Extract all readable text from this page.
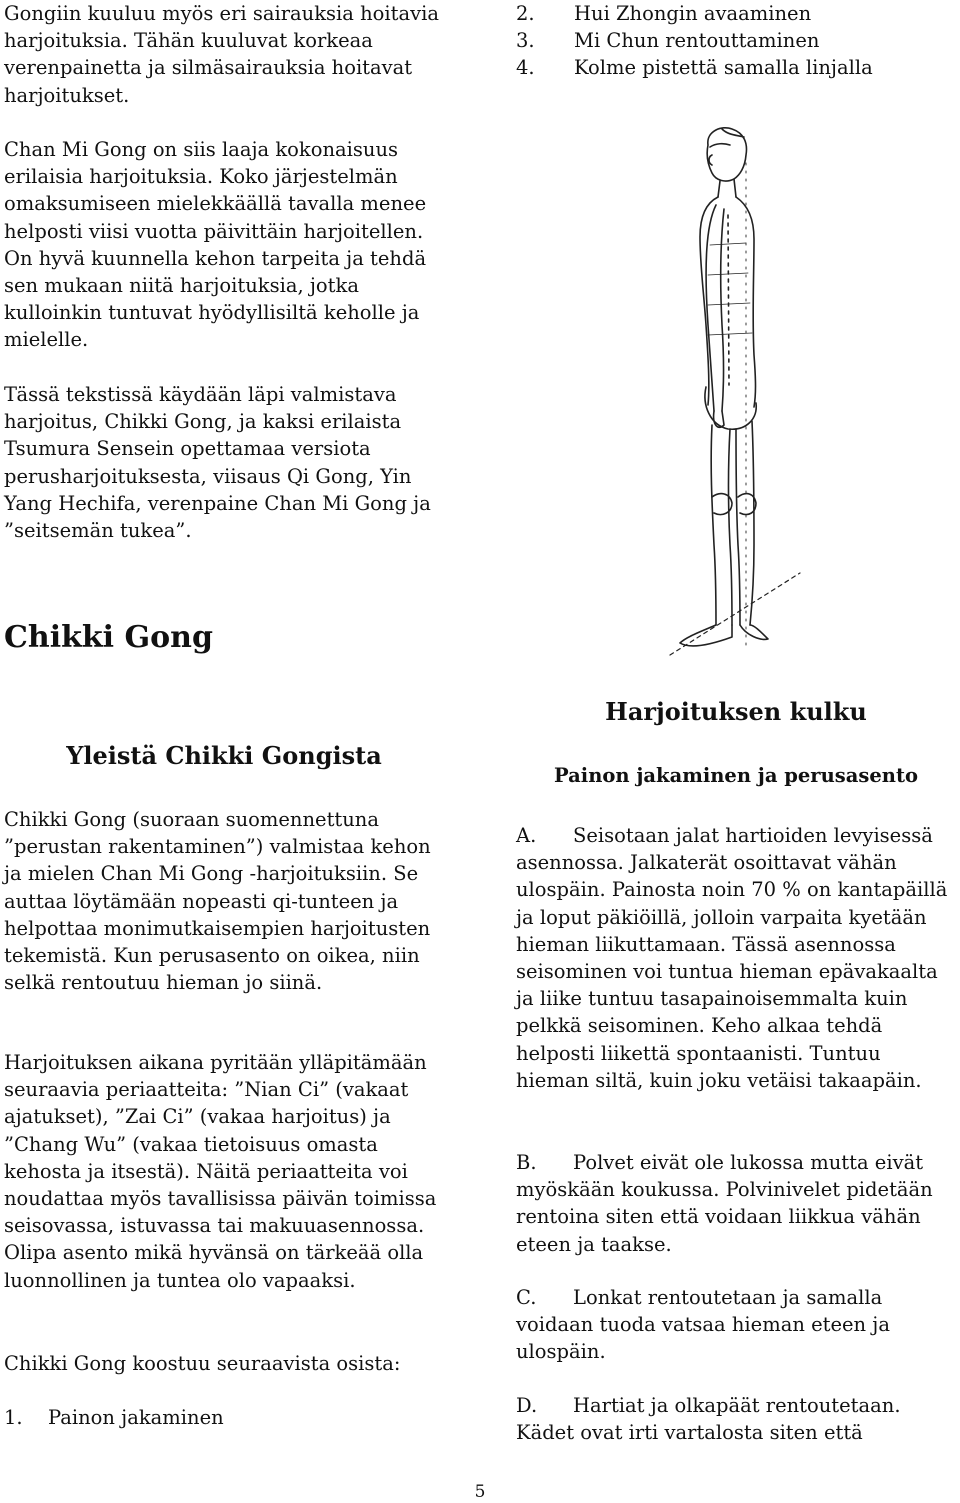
Gongiin kuuluu myös eri sairauksia hoitavia harjoituksia. Tähän kuuluvat korkeaa verenpainetta ja silmäsairauksia hoitavat harjoitukset.

Chan Mi Gong on siis laaja kokonaisuus erilaisia harjoituksia. Koko järjestelmän omaksumiseen mielekkäällä tavalla menee helposti viisi vuotta päivittäin harjoitellen. On hyvä kuunnella kehon tarpeita ja tehdä sen mukaan niitä harjoituksia, jotka kulloinkin tuntuvat hyödyllisiltä keholle ja mielelle.

Tässä tekstissä käydään läpi valmistava harjoitus, Chikki Gong, ja kaksi erilaista Tsumura Sensein opettamaa versiota perusharjoituksesta, viisaus Qi Gong, Yin Yang Hechifa, verenpaine Chan Mi Gong ja ”seitsemän tukea”.

Chikki Gong
Yleistä Chikki Gongista

Chikki Gong (suoraan suomennettuna ”perustan rakentaminen”) valmistaa kehon ja mielen Chan Mi Gong -harjoituksiin. Se auttaa löytämään nopeasti qi-tunteen ja helpottaa monimutkaisempien harjoitusten tekemistä. Kun perusasento on oikea, niin selkä rentoutuu hieman jo siinä.

Harjoituksen aikana pyritään ylläpitämään seuraavia periaatteita: ”Nian Ci” (vakaat ajatukset), ”Zai Ci” (vakaa harjoitus) ja ”Chang Wu” (vakaa tietoisuus omasta kehosta ja itsestä). Näitä periaatteita voi noudattaa myös tavallisissa päivän toimissa seisovassa, istuvassa tai makuuasennossa. Olipa asento mikä hyvänsä on tärkeää olla luonnollinen ja tuntea olo vapaaksi.

Chikki Gong koostuu seuraavista osista:

1. Painon jakaminen

2. Hui Zhongin avaaminen

3. Mi Chun rentouttaminen

4. Kolme pistettä samalla linjalla

Harjoituksen kulku
Painon jakaminen ja perusasento

A. Seisotaan jalat hartioiden levyisessä asennossa. Jalkaterät osoittavat vähän ulospäin. Painosta noin 70 % on kantapäillä ja loput päkiöillä, jolloin varpaita kyetään hieman liikuttamaan. Tässä asennossa seisominen voi tuntua hieman epävakaalta ja liike tuntuu tasapainoisemmalta kuin pelkkä seisominen. Keho alkaa tehdä helposti liikettä spontaanisti. Tuntuu hieman siltä, kuin joku vetäisi takaapäin.

B. Polvet eivät ole lukossa mutta eivät myöskään koukussa. Polvinivelet pidetään rentoina siten että voidaan liikkua vähän eteen ja taakse.

C. Lonkat rentoutetaan ja samalla voidaan tuoda vatsaa hieman eteen ja ulospäin.

D. Hartiat ja olkapäät rentoutetaan. Kädet ovat irti vartalosta siten että

5
